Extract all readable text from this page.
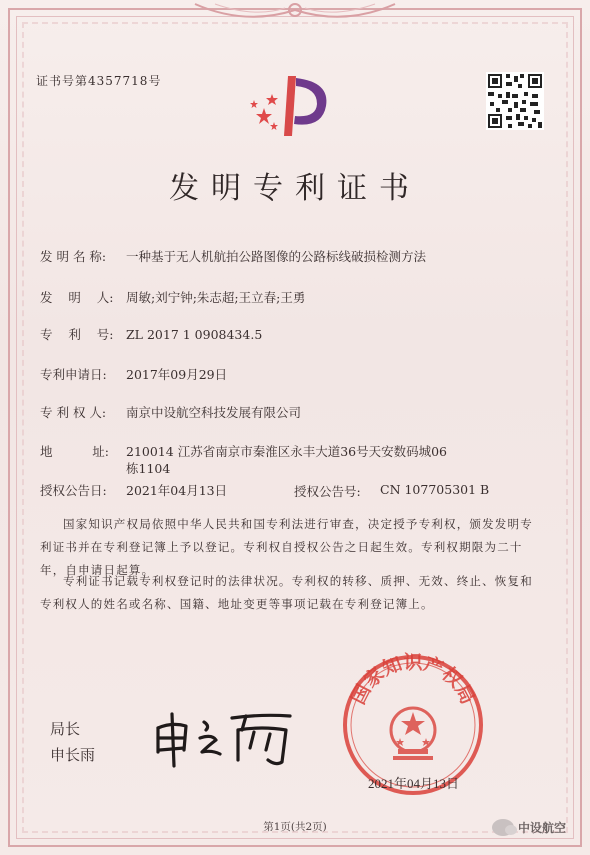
证书号第4357718号
发明专利证书
发 明 名 称: 一种基于无人机航拍公路图像的公路标线破损检测方法
发    明    人: 周敏;刘宁钟;朱志超;王立春;王勇
专    利    号: ZL 2017 1 0908434.5
专利申请日: 2017年09月29日
专 利 权 人: 南京中设航空科技发展有限公司
地          址: 210014 江苏省南京市秦淮区永丰大道36号天安数码城06栋1104
授权公告日: 2021年04月13日	授权公告号: CN 107705301 B
国家知识产权局依照中华人民共和国专利法进行审查，决定授予专利权，颁发发明专利证书并在专利登记簿上予以登记。专利权自授权公告之日起生效。专利权期限为二十年，自申请日起算。
专利证书记载专利权登记时的法律状况。专利权的转移、质押、无效、终止、恢复和专利权人的姓名或名称、国籍、地址变更等事项记载在专利登记簿上。
局长
申长雨
国家知识产权局
2021年04月13日
第1页(共2页)	中设航空
